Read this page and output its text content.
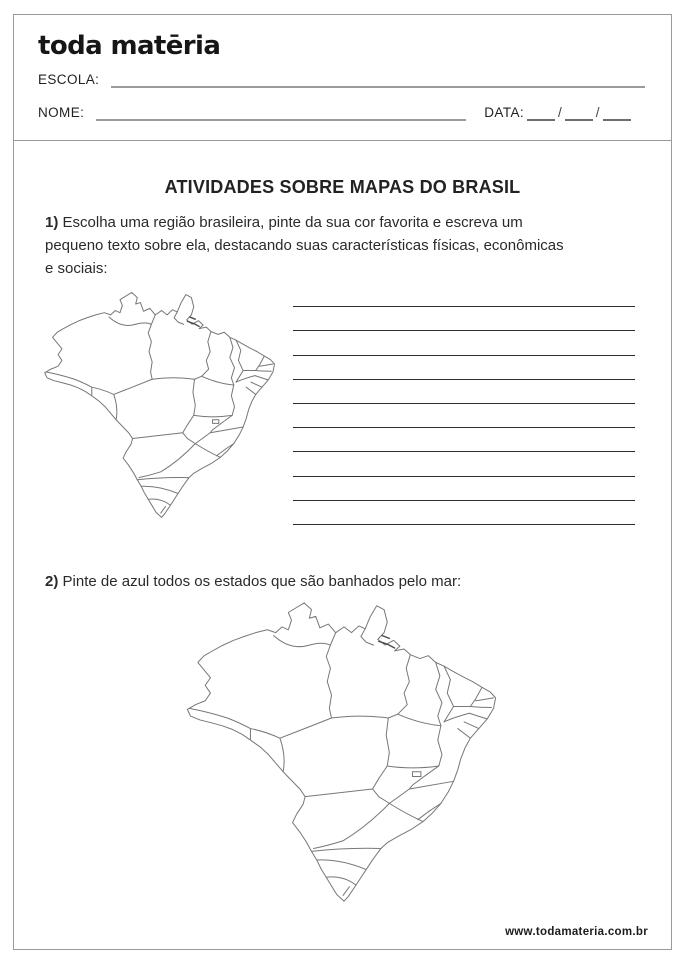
toda matēria
ESCOLA:
NOME:	DATA:	/	/
ATIVIDADES SOBRE MAPAS DO BRASIL
1) Escolha uma região brasileira, pinte da sua cor favorita e escreva um
pequeno texto sobre ela, destacando suas características físicas, econômicas
e sociais:
2) Pinte de azul todos os estados que são banhados pelo mar:
www.todamateria.com.br
